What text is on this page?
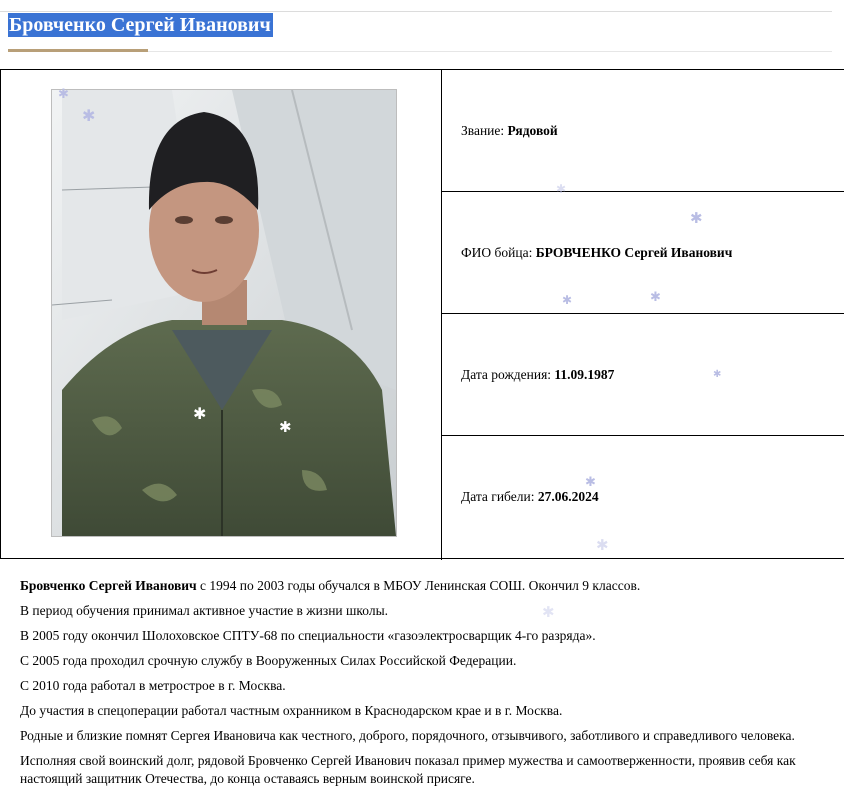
Бровченко Сергей Иванович
Звание: Рядовой
ФИО бойца: БРОВЧЕНКО Сергей Иванович
Дата рождения: 11.09.1987
Дата гибели: 27.06.2024

Бровченко Сергей Иванович с 1994 по 2003 годы обучался в МБОУ Ленинская СОШ. Окончил 9 классов.

В период обучения принимал активное участие в жизни школы.

В 2005 году окончил Шолоховское СПТУ-68 по специальности «газоэлектросварщик 4-го разряда».

С 2005 года проходил срочную службу в Вооруженных Силах Российской Федерации.

С 2010 года работал в метрострое в г. Москва.

До участия в спецоперации работал частным охранником в Краснодарском крае и в г. Москва.

Родные и близкие помнят Сергея Ивановича как честного, доброго, порядочного, отзывчивого, заботливого и справедливого человека.

Исполняя свой воинский долг, рядовой Бровченко Сергей Иванович показал пример мужества и самоотверженности, проявив себя как настоящий защитник Отечества, до конца оставаясь верным воинской присяге.

✱
✱
✱
✱
✱
✱	✱
✱
✱
✱
✱
✱
